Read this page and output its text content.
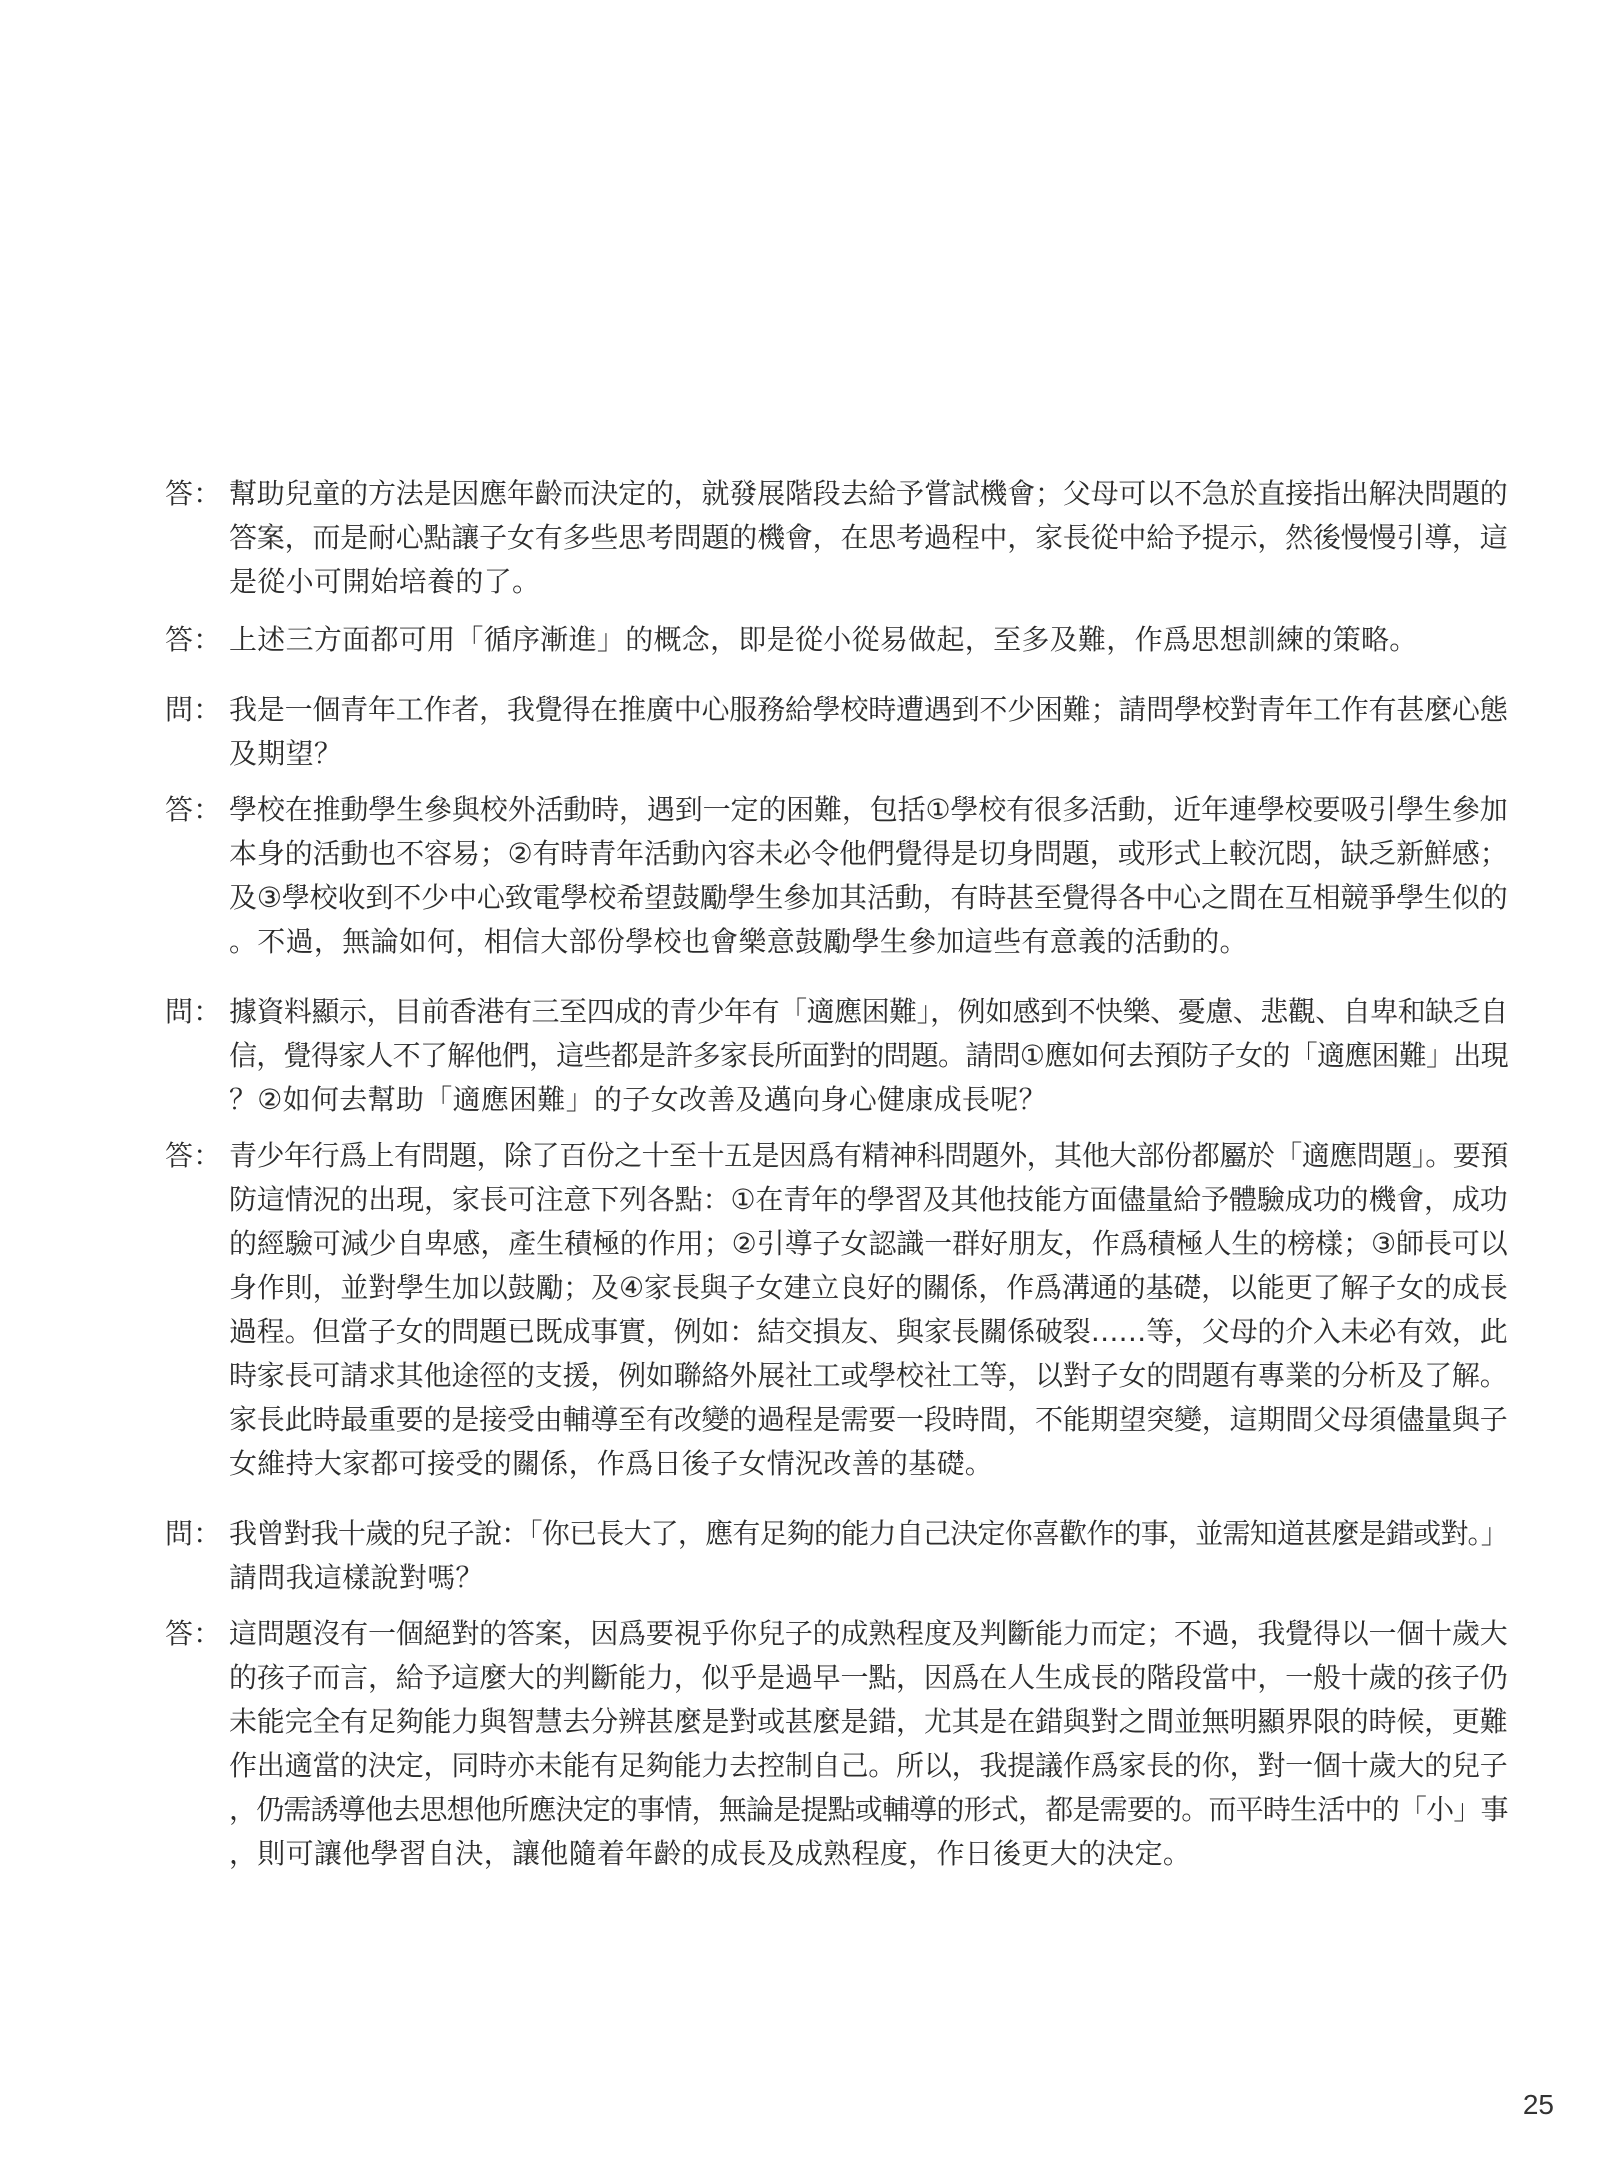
答： 幫助兒童的方法是因應年齡而決定的，就發展階段去給予嘗試機會；父母可以不急於直接指出解決問題的
答案，而是耐心點讓子女有多些思考問題的機會，在思考過程中，家長從中給予提示，然後慢慢引導，這
是從小可開始培養的了。
答： 上述三方面都可用「循序漸進」的概念，即是從小從易做起，至多及難，作爲思想訓練的策略。
問： 我是一個青年工作者，我覺得在推廣中心服務給學校時遭遇到不少困難；請問學校對青年工作有甚麼心態
及期望？
答： 學校在推動學生參與校外活動時，遇到一定的困難，包括①學校有很多活動，近年連學校要吸引學生參加
本身的活動也不容易；②有時青年活動內容未必令他們覺得是切身問題，或形式上較沉悶，缺乏新鮮感；
及③學校收到不少中心致電學校希望鼓勵學生參加其活動，有時甚至覺得各中心之間在互相競爭學生似的
。不過，無論如何，相信大部份學校也會樂意鼓勵學生參加這些有意義的活動的。
問： 據資料顯示，目前香港有三至四成的青少年有「適應困難」，例如感到不快樂、憂慮、悲觀、自卑和缺乏自
信，覺得家人不了解他們，這些都是許多家長所面對的問題。請問①應如何去預防子女的「適應困難」出現
？②如何去幫助「適應困難」的子女改善及邁向身心健康成長呢？
答： 青少年行爲上有問題，除了百份之十至十五是因爲有精神科問題外，其他大部份都屬於「適應問題」。要預
防這情況的出現，家長可注意下列各點：①在青年的學習及其他技能方面儘量給予體驗成功的機會，成功
的經驗可減少自卑感，產生積極的作用；②引導子女認識一群好朋友，作爲積極人生的榜樣；③師長可以
身作則，並對學生加以鼓勵；及④家長與子女建立良好的關係，作爲溝通的基礎，以能更了解子女的成長
過程。但當子女的問題已既成事實，例如：結交損友、與家長關係破裂……等，父母的介入未必有效，此
時家長可請求其他途徑的支援，例如聯絡外展社工或學校社工等，以對子女的問題有專業的分析及了解。
家長此時最重要的是接受由輔導至有改變的過程是需要一段時間，不能期望突變，這期間父母須儘量與子
女維持大家都可接受的關係，作爲日後子女情況改善的基礎。
問： 我曾對我十歲的兒子說：「你已長大了，應有足夠的能力自己決定你喜歡作的事，並需知道甚麼是錯或對。」
請問我這樣說對嗎？
答： 這問題沒有一個絕對的答案，因爲要視乎你兒子的成熟程度及判斷能力而定；不過，我覺得以一個十歲大
的孩子而言，給予這麼大的判斷能力，似乎是過早一點，因爲在人生成長的階段當中，一般十歲的孩子仍
未能完全有足夠能力與智慧去分辨甚麼是對或甚麼是錯，尤其是在錯與對之間並無明顯界限的時候，更難
作出適當的決定，同時亦未能有足夠能力去控制自己。所以，我提議作爲家長的你，對一個十歲大的兒子
，仍需誘導他去思想他所應決定的事情，無論是提點或輔導的形式，都是需要的。而平時生活中的「小」事
，則可讓他學習自決，讓他隨着年齡的成長及成熟程度，作日後更大的決定。
25
